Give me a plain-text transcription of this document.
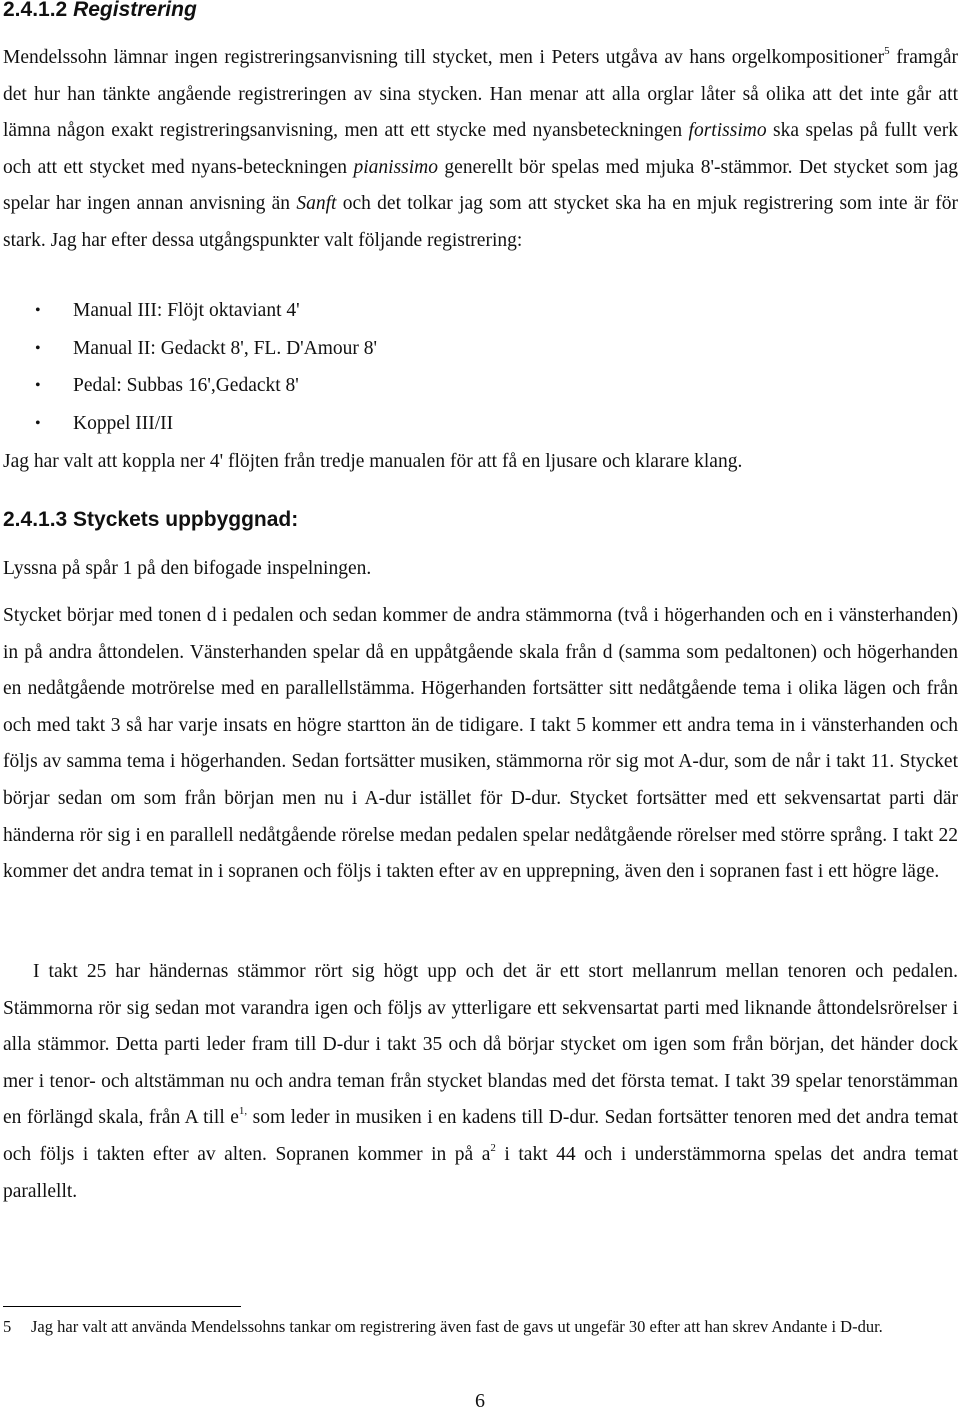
2.4.1.2 Registrering

Mendelssohn lämnar ingen registreringsanvisning till stycket, men i Peters utgåva av hans orgelkompositioner$^5$ framgår det hur han tänkte angående registreringen av sina stycken. Han menar att alla orglar låter så olika att det inte går att lämna någon exakt registreringsanvisning, men att ett stycke med nyansbeteckningen fortissimo ska spelas på fullt verk och att ett stycket med nyans-beteckningen pianissimo generellt bör spelas med mjuka 8'-stämmor. Det stycket som jag spelar har ingen annan anvisning än Sanft och det tolkar jag som att stycket ska ha en mjuk registrering som inte är för stark. Jag har efter dessa utgångspunkter valt följande registrering:

• Manual III: Flöjt oktaviant 4'
• Manual II: Gedackt 8', FL. D'Amour 8'
• Pedal: Subbas 16',Gedackt 8'
• Koppel III/II

Jag har valt att koppla ner 4' flöjten från tredje manualen för att få en ljusare och klarare klang.

2.4.1.3 Styckets uppbyggnad:

Lyssna på spår 1 på den bifogade inspelningen.

Stycket börjar med tonen d i pedalen och sedan kommer de andra stämmorna (två i högerhanden och en i vänsterhanden) in på andra åttondelen. Vänsterhanden spelar då en uppåtgående skala från d (samma som pedaltonen) och högerhanden en nedåtgående motrörelse med en parallellstämma. Högerhanden fortsätter sitt nedåtgående tema i olika lägen och från och med takt 3 så har varje insats en högre startton än de tidigare. I takt 5 kommer ett andra tema in i vänsterhanden och följs av samma tema i högerhanden. Sedan fortsätter musiken, stämmorna rör sig mot A-dur, som de når i takt 11. Stycket börjar sedan om som från början men nu i A-dur istället för D-dur. Stycket fortsätter med ett sekvensartat parti där händerna rör sig i en parallell nedåtgående rörelse medan pedalen spelar nedåtgående rörelser med större språng. I takt 22 kommer det andra temat in i sopranen och följs i takten efter av en upprepning, även den i sopranen fast i ett högre läge.

I takt 25 har händernas stämmor rört sig högt upp och det är ett stort mellanrum mellan tenoren och pedalen. Stämmorna rör sig sedan mot varandra igen och följs av ytterligare ett sekvensartat parti med liknande åttondelsrörelser i alla stämmor. Detta parti leder fram till D-dur i takt 35 och då börjar stycket om igen som från början, det händer dock mer i tenor- och altstämman nu och andra teman från stycket blandas med det första temat. I takt 39 spelar tenorstämman en förlängd skala, från A till $e^{1,}$ som leder in musiken i en kadens till D-dur. Sedan fortsätter tenoren med det andra temat och följs i takten efter av alten. Sopranen kommer in på $a^2$ i takt 44 och i understämmorna spelas det andra temat parallellt.

5	Jag har valt att använda Mendelssohns tankar om registrering även fast de gavs ut ungefär 30 efter att han skrev Andante i D-dur.

6
